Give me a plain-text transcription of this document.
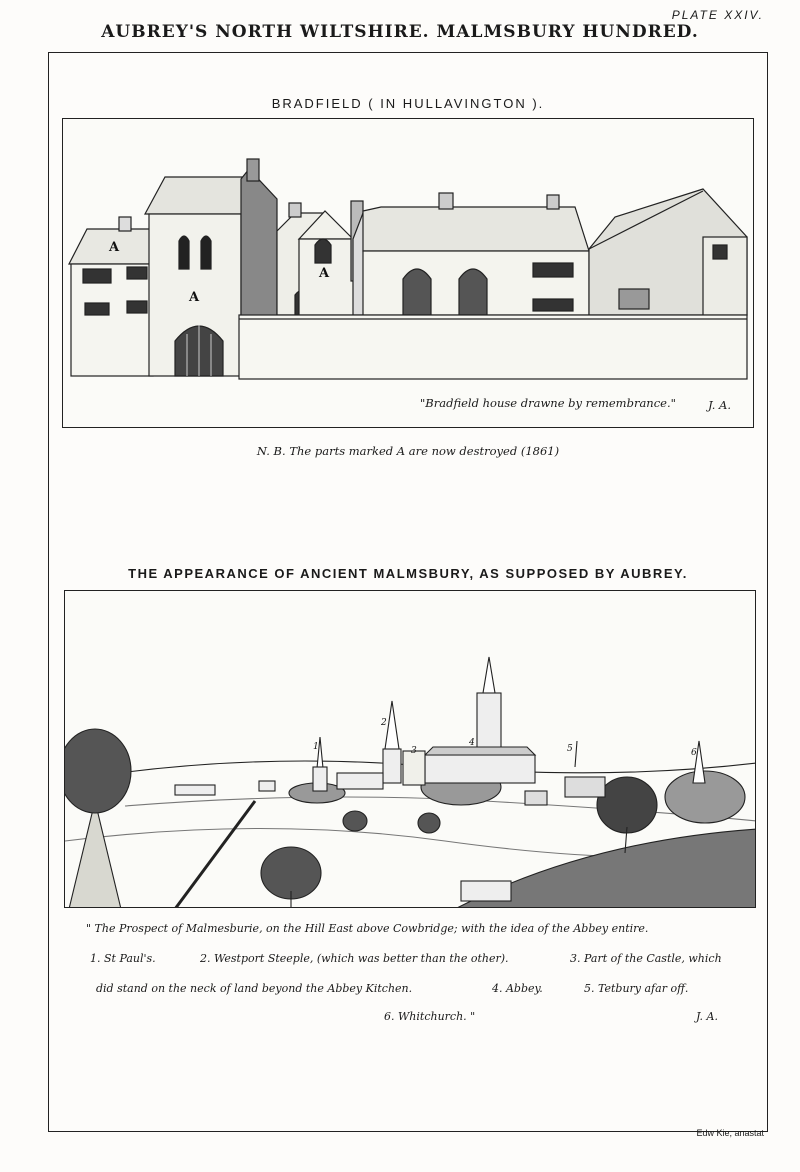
PLATE XXIV.
AUBREY'S NORTH WILTSHIRE. MALMSBURY HUNDRED.
BRADFIELD ( IN HULLAVINGTON ).
A
A
A
"Bradfield house drawne by remembrance."	J. A.
N. B. The parts marked A are now destroyed (1861)
THE APPEARANCE OF ANCIENT MALMSBURY, AS SUPPOSED BY AUBREY.
1
2
3
4
5	6
" The Prospect of Malmesburie, on the Hill East above Cowbridge; with the idea of the Abbey entire.
1. St Paul's.	2. Westport Steeple, (which was better than the other).	3. Part of the Castle, which
did stand on the neck of land beyond the Abbey Kitchen.	4. Abbey.	5. Tetbury afar off.
6. Whitchurch. "	J. A.
Edw Kie, anastat
